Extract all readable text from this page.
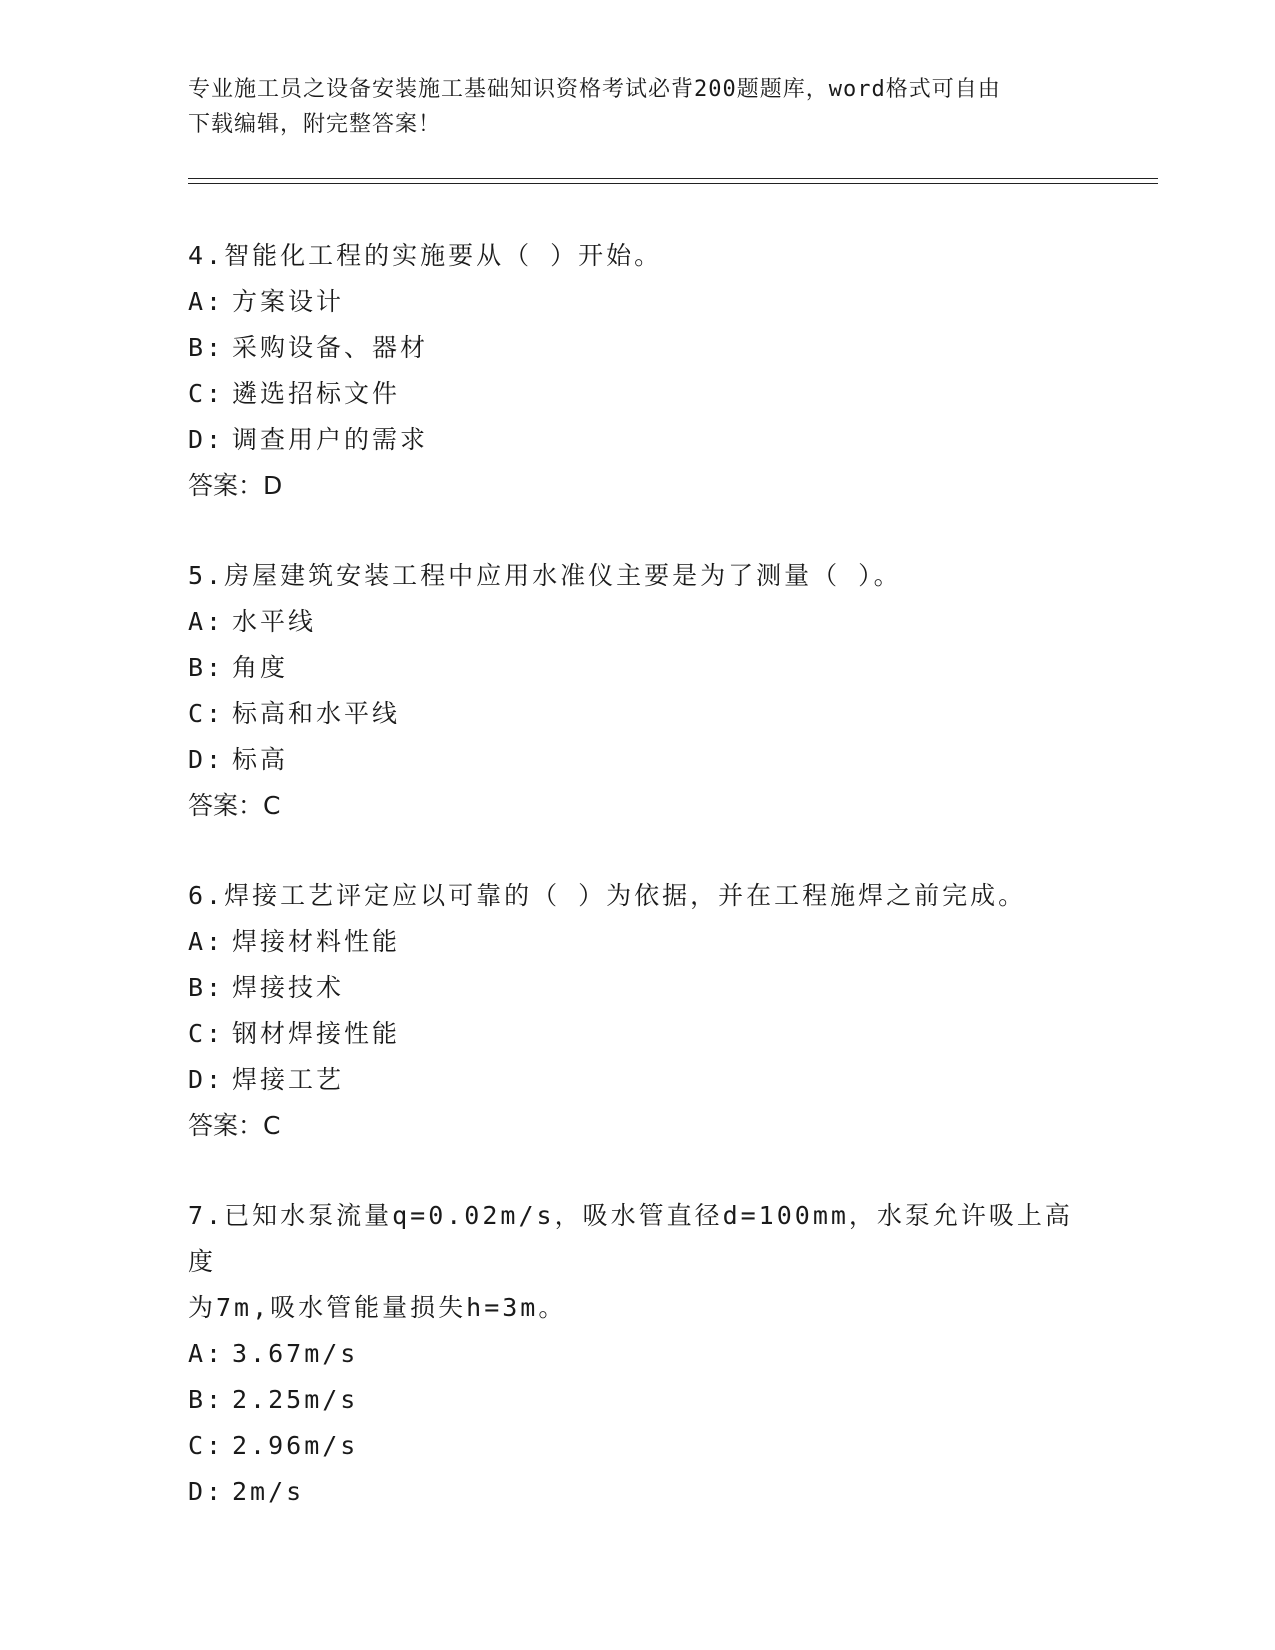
专业施工员之设备安装施工基础知识资格考试必背200题题库，word格式可自由
下载编辑，附完整答案！

4.智能化工程的实施要从（ ）开始。

A: 方案设计

B: 采购设备、器材

C: 遴选招标文件

D: 调查用户的需求

答案：D

5.房屋建筑安装工程中应用水准仪主要是为了测量（ ）。

A: 水平线

B: 角度

C: 标高和水平线

D: 标高

答案：C

6.焊接工艺评定应以可靠的（ ）为依据，并在工程施焊之前完成。

A: 焊接材料性能

B: 焊接技术

C: 钢材焊接性能

D: 焊接工艺

答案：C

7.已知水泵流量q=0.02m/s，吸水管直径d=100mm，水泵允许吸上高度

为7m,吸水管能量损失h=3m。

A: 3.67m/s

B: 2.25m/s

C: 2.96m/s

D: 2m/s
